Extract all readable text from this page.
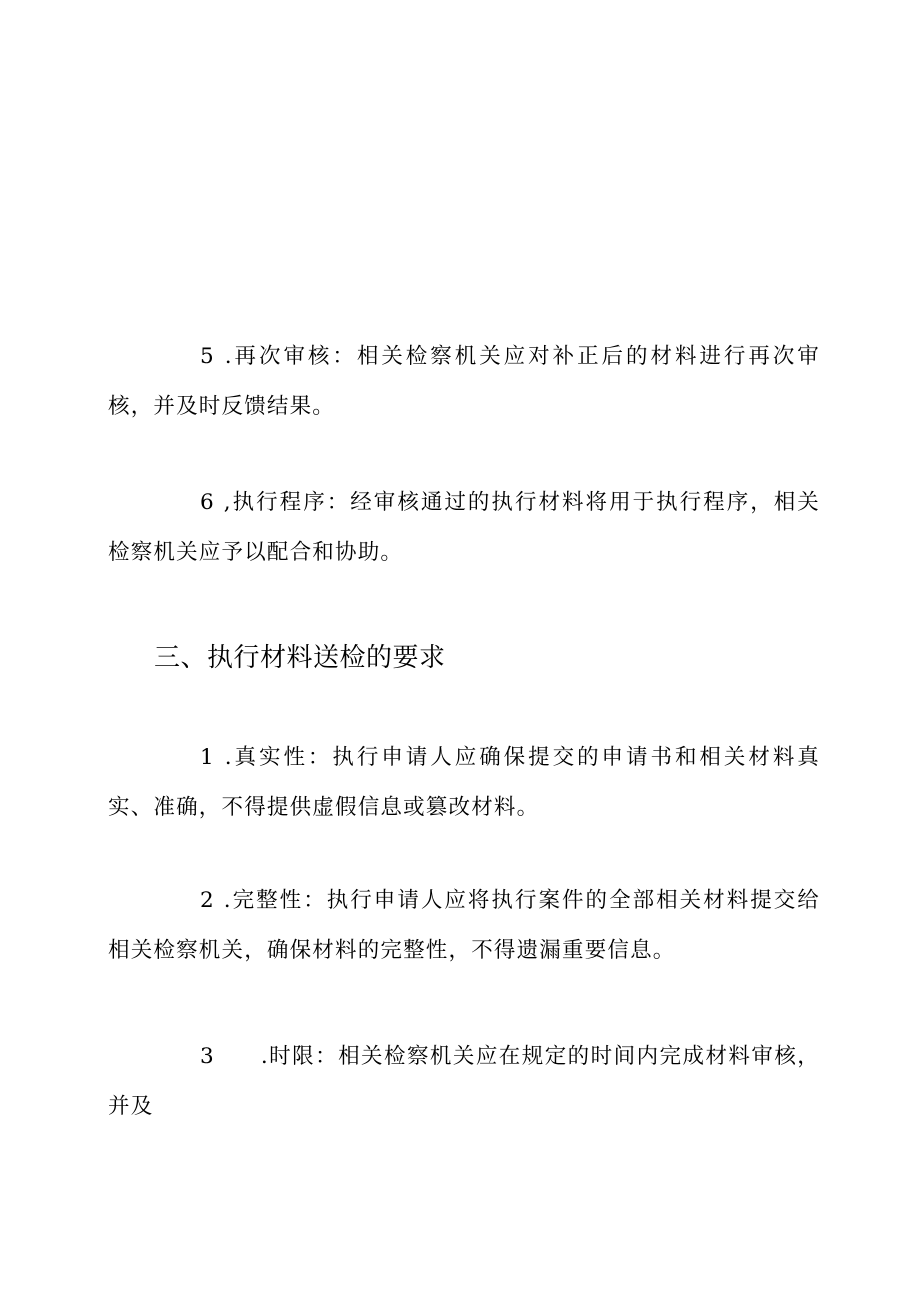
5 .再次审核：相关检察机关应对补正后的材料进行再次审核，并及时反馈结果。

6 ,执行程序：经审核通过的执行材料将用于执行程序，相关检察机关应予以配合和协助。

三、执行材料送检的要求

1 .真实性：执行申请人应确保提交的申请书和相关材料真实、准确，不得提供虚假信息或篡改材料。

2 .完整性：执行申请人应将执行案件的全部相关材料提交给相关检察机关，确保材料的完整性，不得遗漏重要信息。

3 .时限：相关检察机关应在规定的时间内完成材料审核，并及
